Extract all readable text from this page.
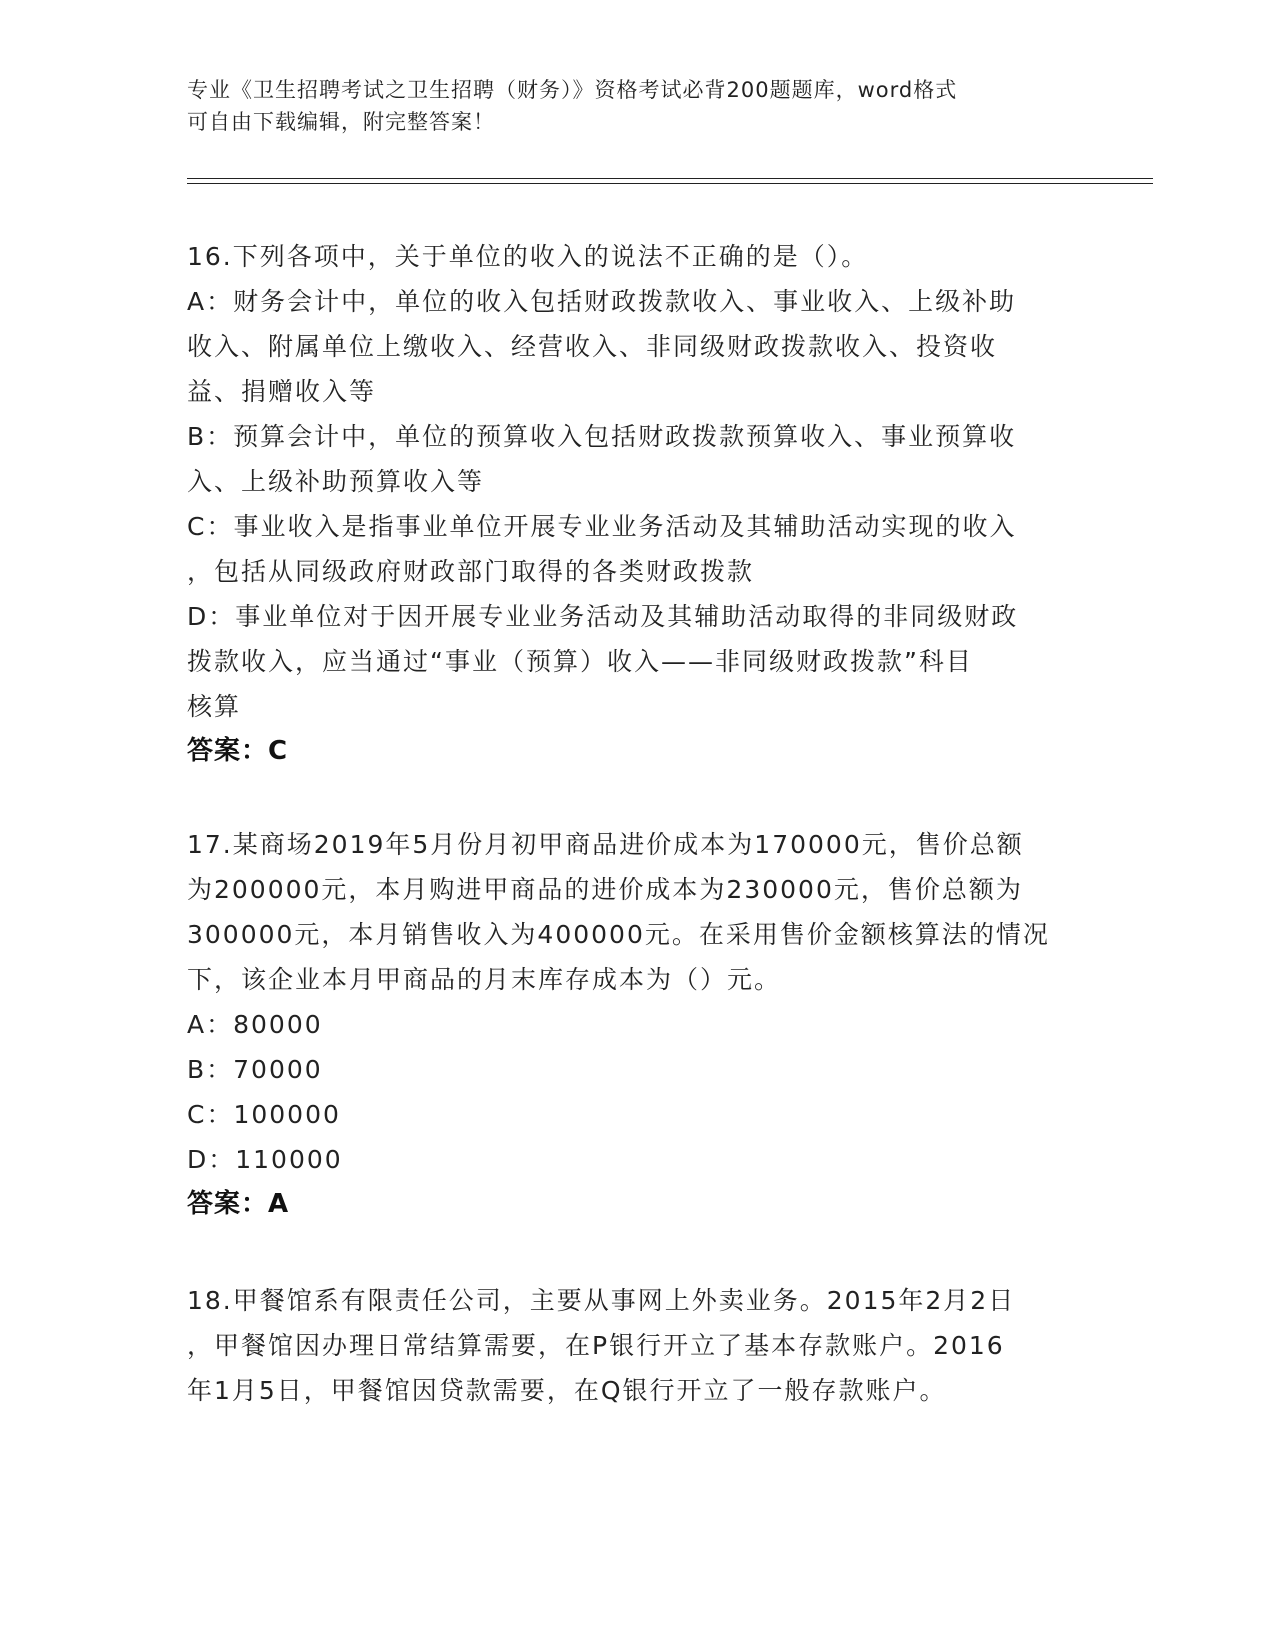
专业《卫生招聘考试之卫生招聘（财务）》资格考试必背200题题库，word格式
可自由下载编辑，附完整答案！
16.下列各项中，关于单位的收入的说法不正确的是（）。
A：财务会计中，单位的收入包括财政拨款收入、事业收入、上级补助
收入、附属单位上缴收入、经营收入、非同级财政拨款收入、投资收
益、捐赠收入等
B：预算会计中，单位的预算收入包括财政拨款预算收入、事业预算收
入、上级补助预算收入等
C：事业收入是指事业单位开展专业业务活动及其辅助活动实现的收入
，包括从同级政府财政部门取得的各类财政拨款
D：事业单位对于因开展专业业务活动及其辅助活动取得的非同级财政
拨款收入，应当通过“事业（预算）收入——非同级财政拨款”科目
核算
答案：C
17.某商场2019年5月份月初甲商品进价成本为170000元，售价总额
为200000元，本月购进甲商品的进价成本为230000元，售价总额为
300000元，本月销售收入为400000元。在采用售价金额核算法的情况
下，该企业本月甲商品的月末库存成本为（）元。
A：80000
B：70000
C：100000
D：110000
答案：A
18.甲餐馆系有限责任公司，主要从事网上外卖业务。2015年2月2日
，甲餐馆因办理日常结算需要，在P银行开立了基本存款账户。2016
年1月5日，甲餐馆因贷款需要，在Q银行开立了一般存款账户。
